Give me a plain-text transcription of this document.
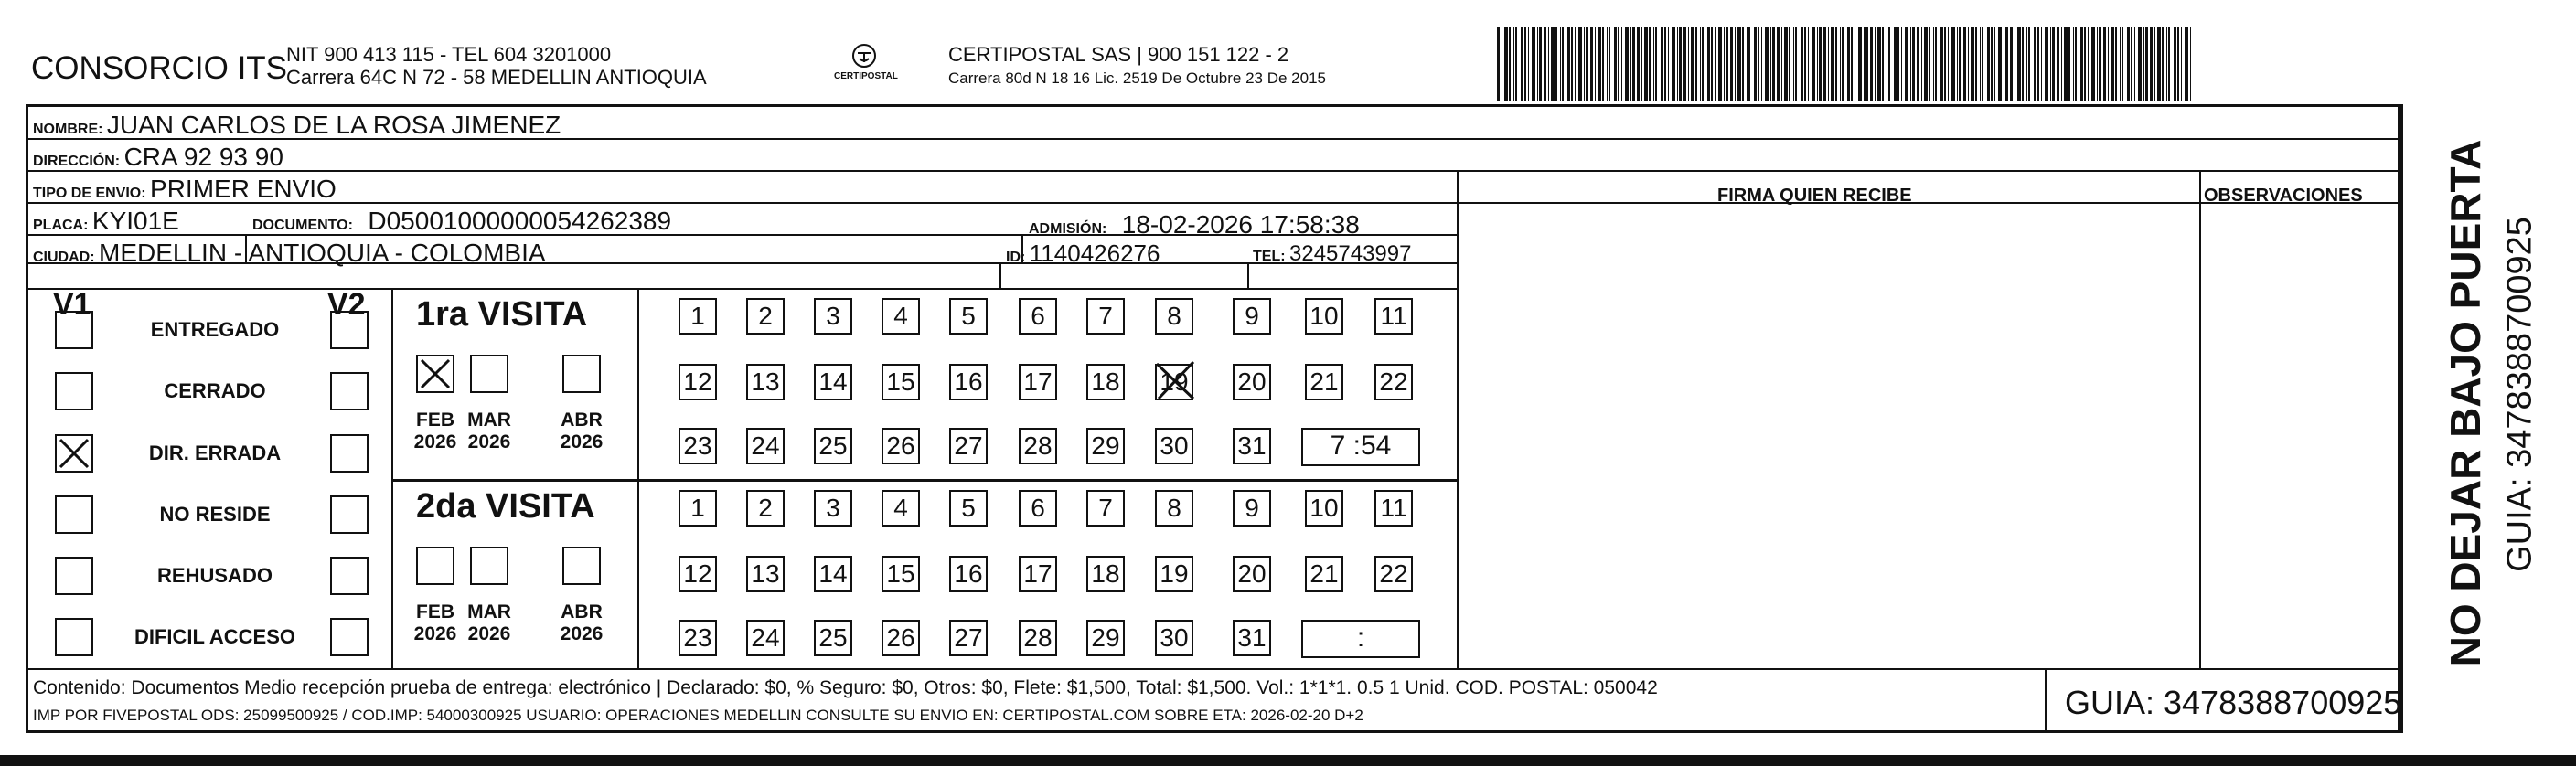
CONSORCIO ITS
NIT 900 413 115 - TEL 604 3201000
Carrera 64C N 72 - 58 MEDELLIN ANTIOQUIA	CERTIPOSTAL
CERTIPOSTAL SAS | 900 151 122 - 2
Carrera 80d N 18 16 Lic. 2519 De Octubre 23 De 2015
NOMBRE: JUAN CARLOS DE LA ROSA JIMENEZ
DIRECCIÓN: CRA 92 93 90
TIPO DE ENVIO: PRIMER ENVIO	FIRMA QUIEN RECIBE	OBSERVACIONES
PLACA: KYI01E	DOCUMENTO: D05001000000054262389	ADMISIÓN: 18-02-2026 17:58:38
CIUDAD: MEDELLIN - ANTIOQUIA - COLOMBIA	ID: 1140426276	TEL: 3245743997
V1	V2
ENTREGADO
CERRADO
DIR. ERRADA
NO RESIDE
REHUSADO
DIFICIL ACCESO
1ra VISITA
2da VISITA
FEB
2026
MAR
2026
ABR
2026
1	2	3	4	5	6	7	8	9	10 11
12 13 14 15 16 17 18 19 20 21 22
23 24 25 26 27 28 29 30 31	7 :54
FEB
2026
MAR
2026
ABR
2026
1	2	3	4	5	6	7	8	9	10 11
12 13 14 15 16 17 18 19 20 21 22
23 24 25 26 27 28 29 30 31	:	NO DEJAR BAJO PUERTA GUIA: 3478388700925
Contenido: Documentos Medio recepción prueba de entrega: electrónico | Declarado: $0, % Seguro: $0, Otros: $0, Flete: $1,500, Total: $1,500. Vol.: 1*1*1. 0.5 1 Unid. COD. POSTAL: 050042
IMP POR FIVEPOSTAL ODS: 25099500925 / COD.IMP: 54000300925 USUARIO: OPERACIONES MEDELLIN CONSULTE SU ENVIO EN: CERTIPOSTAL.COM SOBRE ETA: 2026-02-20 D+2	GUIA: 3478388700925
